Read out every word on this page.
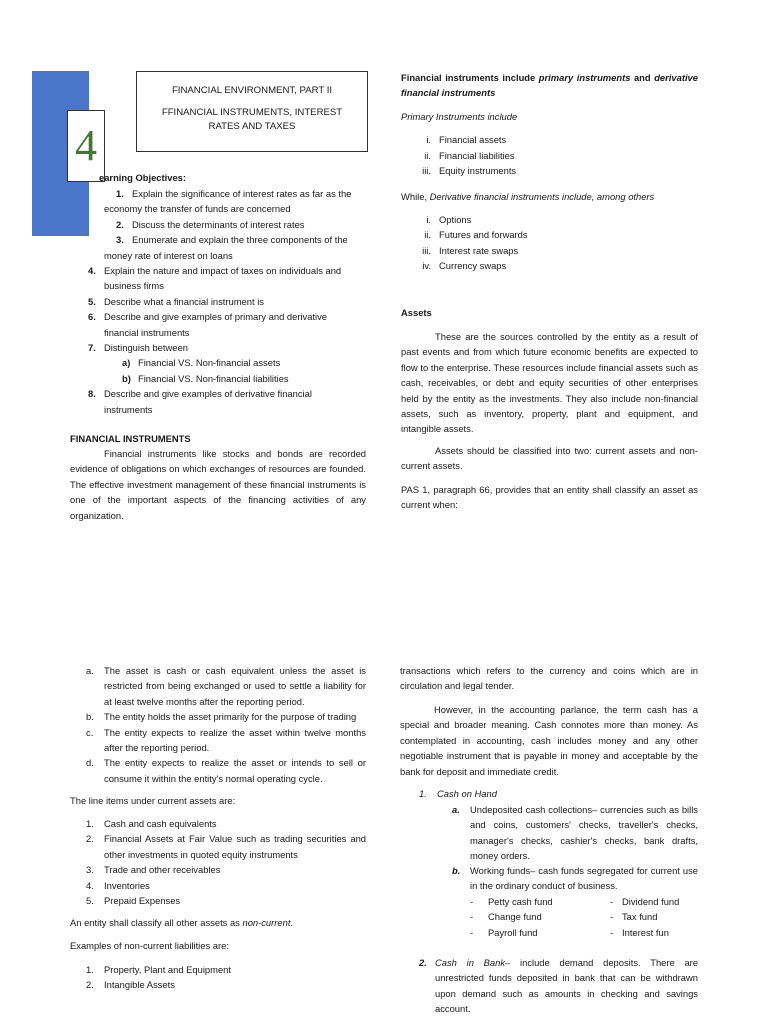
4
FINANCIAL ENVIRONMENT, PART II
FFINANCIAL INSTRUMENTS, INTEREST RATES AND TAXES
earning Objectives:
1. Explain the significance of interest rates as far as the
economy the transfer of funds are concerned
2. Discuss the determinants of interest rates
3. Enumerate and explain the three components of the
money rate of interest on loans
4. Explain the nature and impact of taxes on individuals and
business firms
5. Describe what a financial instrument is
6. Describe and give examples of primary and derivative
financial instruments
7. Distinguish between
a) Financial VS. Non-financial assets
b) Financial VS. Non-financial liabilities
8. Describe and give examples of derivative financial
instruments
FINANCIAL INSTRUMENTS

Financial instruments like stocks and bonds are recorded evidence of obligations on which exchanges of resources are founded. The effective investment management of these financial instruments is one of the important aspects of the financing activities of any organization.

Financial instruments include primary instruments and derivative financial instruments

Primary Instruments include

i. Financial assets
ii. Financial liabilities
iii. Equity instruments

While, Derivative financial instruments include, among others

i. Options
ii. Futures and forwards
iii. Interest rate swaps
iv. Currency swaps
Assets

These are the sources controlled by the entity as a result of past events and from which future economic benefits are expected to flow to the enterprise. These resources include financial assets such as cash, receivables, or debt and equity securities of other enterprises held by the entity as the investments. They also include non-financial assets, such as inventory, property, plant and equipment, and intangible assets.

Assets should be classified into two: current assets and non-current assets.

PAS 1, paragraph 66, provides that an entity shall classify an asset as current when:

a. The asset is cash or cash equivalent unless the asset is restricted from being exchanged or used to settle a liability for at least twelve months after the reporting period.
b. The entity holds the asset primarily for the purpose of trading
c. The entity expects to realize the asset within twelve months after the reporting period.
d. The entity expects to realize the asset or intends to sell or consume it within the entity's normal operating cycle.

The line items under current assets are:

1. Cash and cash equivalents
2. Financial Assets at Fair Value such as trading securities and other investments in quoted equity instruments
3. Trade and other receivables
4. Inventories
5. Prepaid Expenses

An entity shall classify all other assets as non-current.

Examples of non-current liabilities are:

1. Property, Plant and Equipment
2. Intangible Assets

transactions which refers to the currency and coins which are in circulation and legal tender.

However, in the accounting parlance, the term cash has a special and broader meaning. Cash connotes more than money. As contemplated in accounting, cash includes money and any other negotiable instrument that is payable in money and acceptable by the bank for deposit and immediate credit.

1. Cash on Hand
a. Undeposited cash collections– currencies such as bills and coins, customers' checks, traveller's checks, manager's checks, cashier's checks, bank drafts, money orders.
b. Working funds– cash funds segregated for current use in the ordinary conduct of business.
- Petty cash fund
- Change fund
- Payroll fund
- Dividend fund
- Tax fund
- Interest fun
2. Cash in Bank– include demand deposits. There are unrestricted funds deposited in bank that can be withdrawn upon demand such as amounts in checking and savings account.
